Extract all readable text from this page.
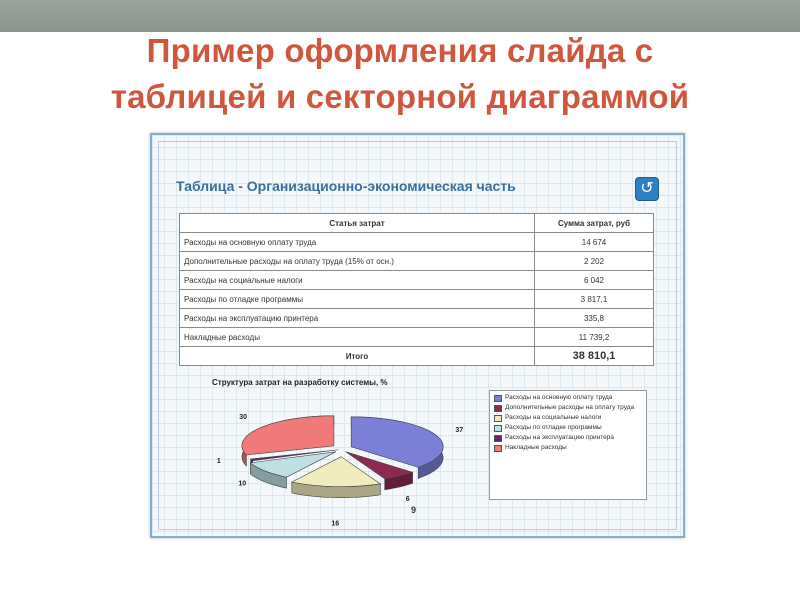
Пример оформления слайда с
таблицей и секторной диаграммой
Таблица - Организационно-экономическая часть	↺
Статья затрат	Сумма затрат, руб
Расходы на основную оплату труда	14 674
Дополнительные расходы на оплату труда (15% от осн.)	2 202
Расходы на социальные налоги	6 042
Расходы по отладке программы	3 817,1
Расходы на эксплуатацию принтера	335,8
Накладные расходы	11 739,2
Итого	38 810,1

Структура затрат на разработку системы, %

37
6
16
10
1
30
Расходы на основную оплату труда
Дополнительные расходы на оплату труда
Расходы на социальные налоги
Расходы по отладке программы
Расходы на эксплуатацию принтера
Накладные расходы
9
